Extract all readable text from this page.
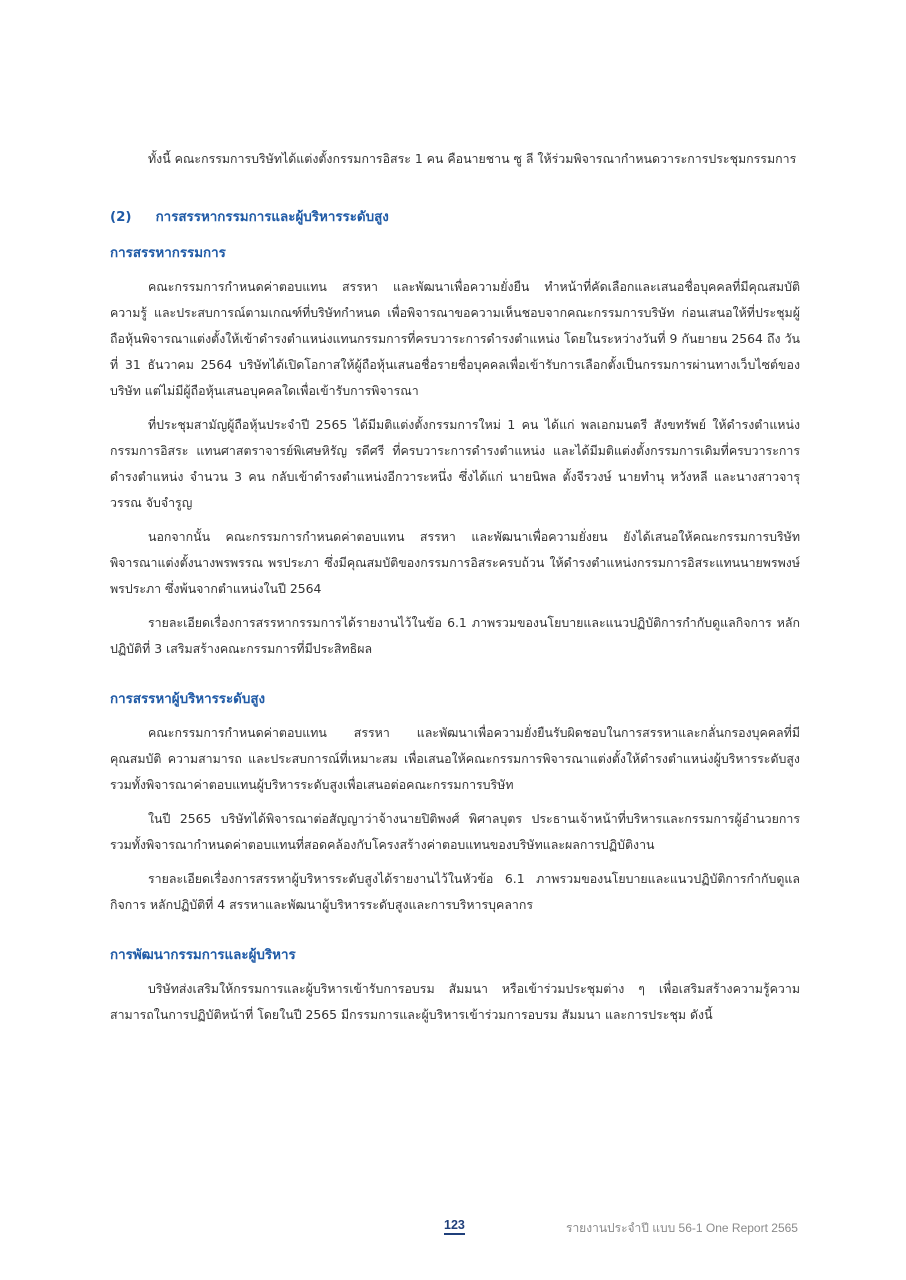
ทั้งนี้ คณะกรรมการบริษัทได้แต่งตั้งกรรมการอิสระ 1 คน คือนายชาน ซู ลี ให้ร่วมพิจารณากำหนดวาระการประชุมกรรมการ

(2) การสรรหากรรมการและผู้บริหารระดับสูง
การสรรหากรรมการ

คณะกรรมการกำหนดค่าตอบแทน สรรหา และพัฒนาเพื่อความยั่งยืน ทำหน้าที่คัดเลือกและเสนอชื่อบุคคลที่มีคุณสมบัติ ความรู้ และประสบการณ์ตามเกณฑ์ที่บริษัทกำหนด เพื่อพิจารณาขอความเห็นชอบจากคณะกรรมการบริษัท ก่อนเสนอให้ที่ประชุมผู้ถือหุ้นพิจารณาแต่งตั้งให้เข้าดำรงตำแหน่งแทนกรรมการที่ครบวาระการดำรงตำแหน่ง โดยในระหว่างวันที่ 9 กันยายน 2564 ถึง วันที่ 31 ธันวาคม 2564 บริษัทได้เปิดโอกาสให้ผู้ถือหุ้นเสนอชื่อรายชื่อบุคคลเพื่อเข้ารับการเลือกตั้งเป็นกรรมการผ่านทางเว็บไซต์ของบริษัท แต่ไม่มีผู้ถือหุ้นเสนอบุคคลใดเพื่อเข้ารับการพิจารณา

ที่ประชุมสามัญผู้ถือหุ้นประจำปี 2565 ได้มีมติแต่งตั้งกรรมการใหม่ 1 คน ได้แก่ พลเอกมนตรี สังขทรัพย์ ให้ดำรงตำแหน่งกรรมการอิสระ แทนศาสตราจารย์พิเศษหิรัญ รดีศรี ที่ครบวาระการดำรงตำแหน่ง และได้มีมติแต่งตั้งกรรมการเดิมที่ครบวาระการดำรงตำแหน่ง จำนวน 3 คน กลับเข้าดำรงตำแหน่งอีกวาระหนึ่ง ซึ่งได้แก่ นายนิพล ตั้งจีรวงษ์ นายทำนุ หวังหลี และนางสาวจารุวรรณ จับจำรูญ

นอกจากนั้น คณะกรรมการกำหนดค่าตอบแทน สรรหา และพัฒนาเพื่อความยั่งยน ยังได้เสนอให้คณะกรรมการบริษัทพิจารณาแต่งตั้งนางพรพรรณ พรประภา ซึ่งมีคุณสมบัติของกรรมการอิสระครบถ้วน ให้ดำรงตำแหน่งกรรมการอิสระแทนนายพรพงษ์ พรประภา ซึ่งพ้นจากตำแหน่งในปี 2564

รายละเอียดเรื่องการสรรหากรรมการได้รายงานไว้ในข้อ 6.1 ภาพรวมของนโยบายและแนวปฏิบัติการกำกับดูแลกิจการ หลักปฏิบัติที่ 3 เสริมสร้างคณะกรรมการที่มีประสิทธิผล

การสรรหาผู้บริหารระดับสูง

คณะกรรมการกำหนดค่าตอบแทน สรรหา และพัฒนาเพื่อความยั่งยืนรับผิดชอบในการสรรหาและกลั่นกรองบุคคลที่มีคุณสมบัติ ความสามารถ และประสบการณ์ที่เหมาะสม เพื่อเสนอให้คณะกรรมการพิจารณาแต่งตั้งให้ดำรงตำแหน่งผู้บริหารระดับสูง รวมทั้งพิจารณาค่าตอบแทนผู้บริหารระดับสูงเพื่อเสนอต่อคณะกรรมการบริษัท

ในปี 2565 บริษัทได้พิจารณาต่อสัญญาว่าจ้างนายปิติพงศ์ พิศาลบุตร ประธานเจ้าหน้าที่บริหารและกรรมการผู้อำนวยการ รวมทั้งพิจารณากำหนดค่าตอบแทนที่สอดคล้องกับโครงสร้างค่าตอบแทนของบริษัทและผลการปฏิบัติงาน

รายละเอียดเรื่องการสรรหาผู้บริหารระดับสูงได้รายงานไว้ในหัวข้อ 6.1 ภาพรวมของนโยบายและแนวปฏิบัติการกำกับดูแลกิจการ หลักปฏิบัติที่ 4 สรรหาและพัฒนาผู้บริหารระดับสูงและการบริหารบุคลากร

การพัฒนากรรมการและผู้บริหาร

บริษัทส่งเสริมให้กรรมการและผู้บริหารเข้ารับการอบรม สัมมนา หรือเข้าร่วมประชุมต่าง ๆ เพื่อเสริมสร้างความรู้ความสามารถในการปฏิบัติหน้าที่ โดยในปี 2565 มีกรรมการและผู้บริหารเข้าร่วมการอบรม สัมมนา และการประชุม ดังนี้

123	รายงานประจำปี แบบ 56-1 One Report 2565
